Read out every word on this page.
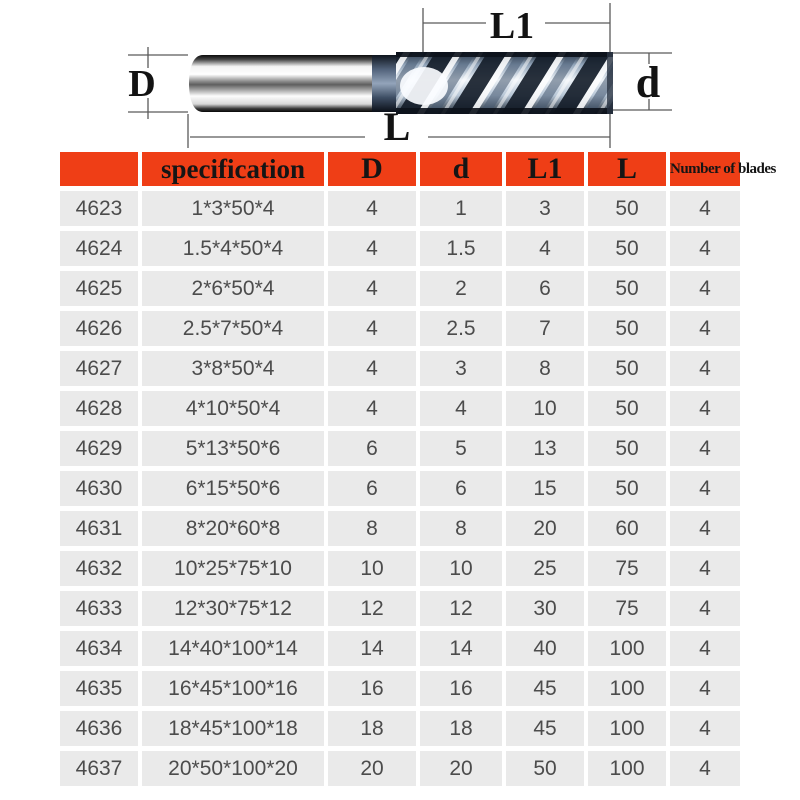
D
L1
d
L
	specification	D	d	L1	L	Number of blades
4623	1*3*50*4	4	1	3	50	4
4624	1.5*4*50*4	4	1.5	4	50	4
4625	2*6*50*4	4	2	6	50	4
4626	2.5*7*50*4	4	2.5	7	50	4
4627	3*8*50*4	4	3	8	50	4
4628	4*10*50*4	4	4	10	50	4
4629	5*13*50*6	6	5	13	50	4
4630	6*15*50*6	6	6	15	50	4
4631	8*20*60*8	8	8	20	60	4
4632	10*25*75*10	10	10	25	75	4
4633	12*30*75*12	12	12	30	75	4
4634	14*40*100*14	14	14	40	100	4
4635	16*45*100*16	16	16	45	100	4
4636	18*45*100*18	18	18	45	100	4
4637	20*50*100*20	20	20	50	100	4
